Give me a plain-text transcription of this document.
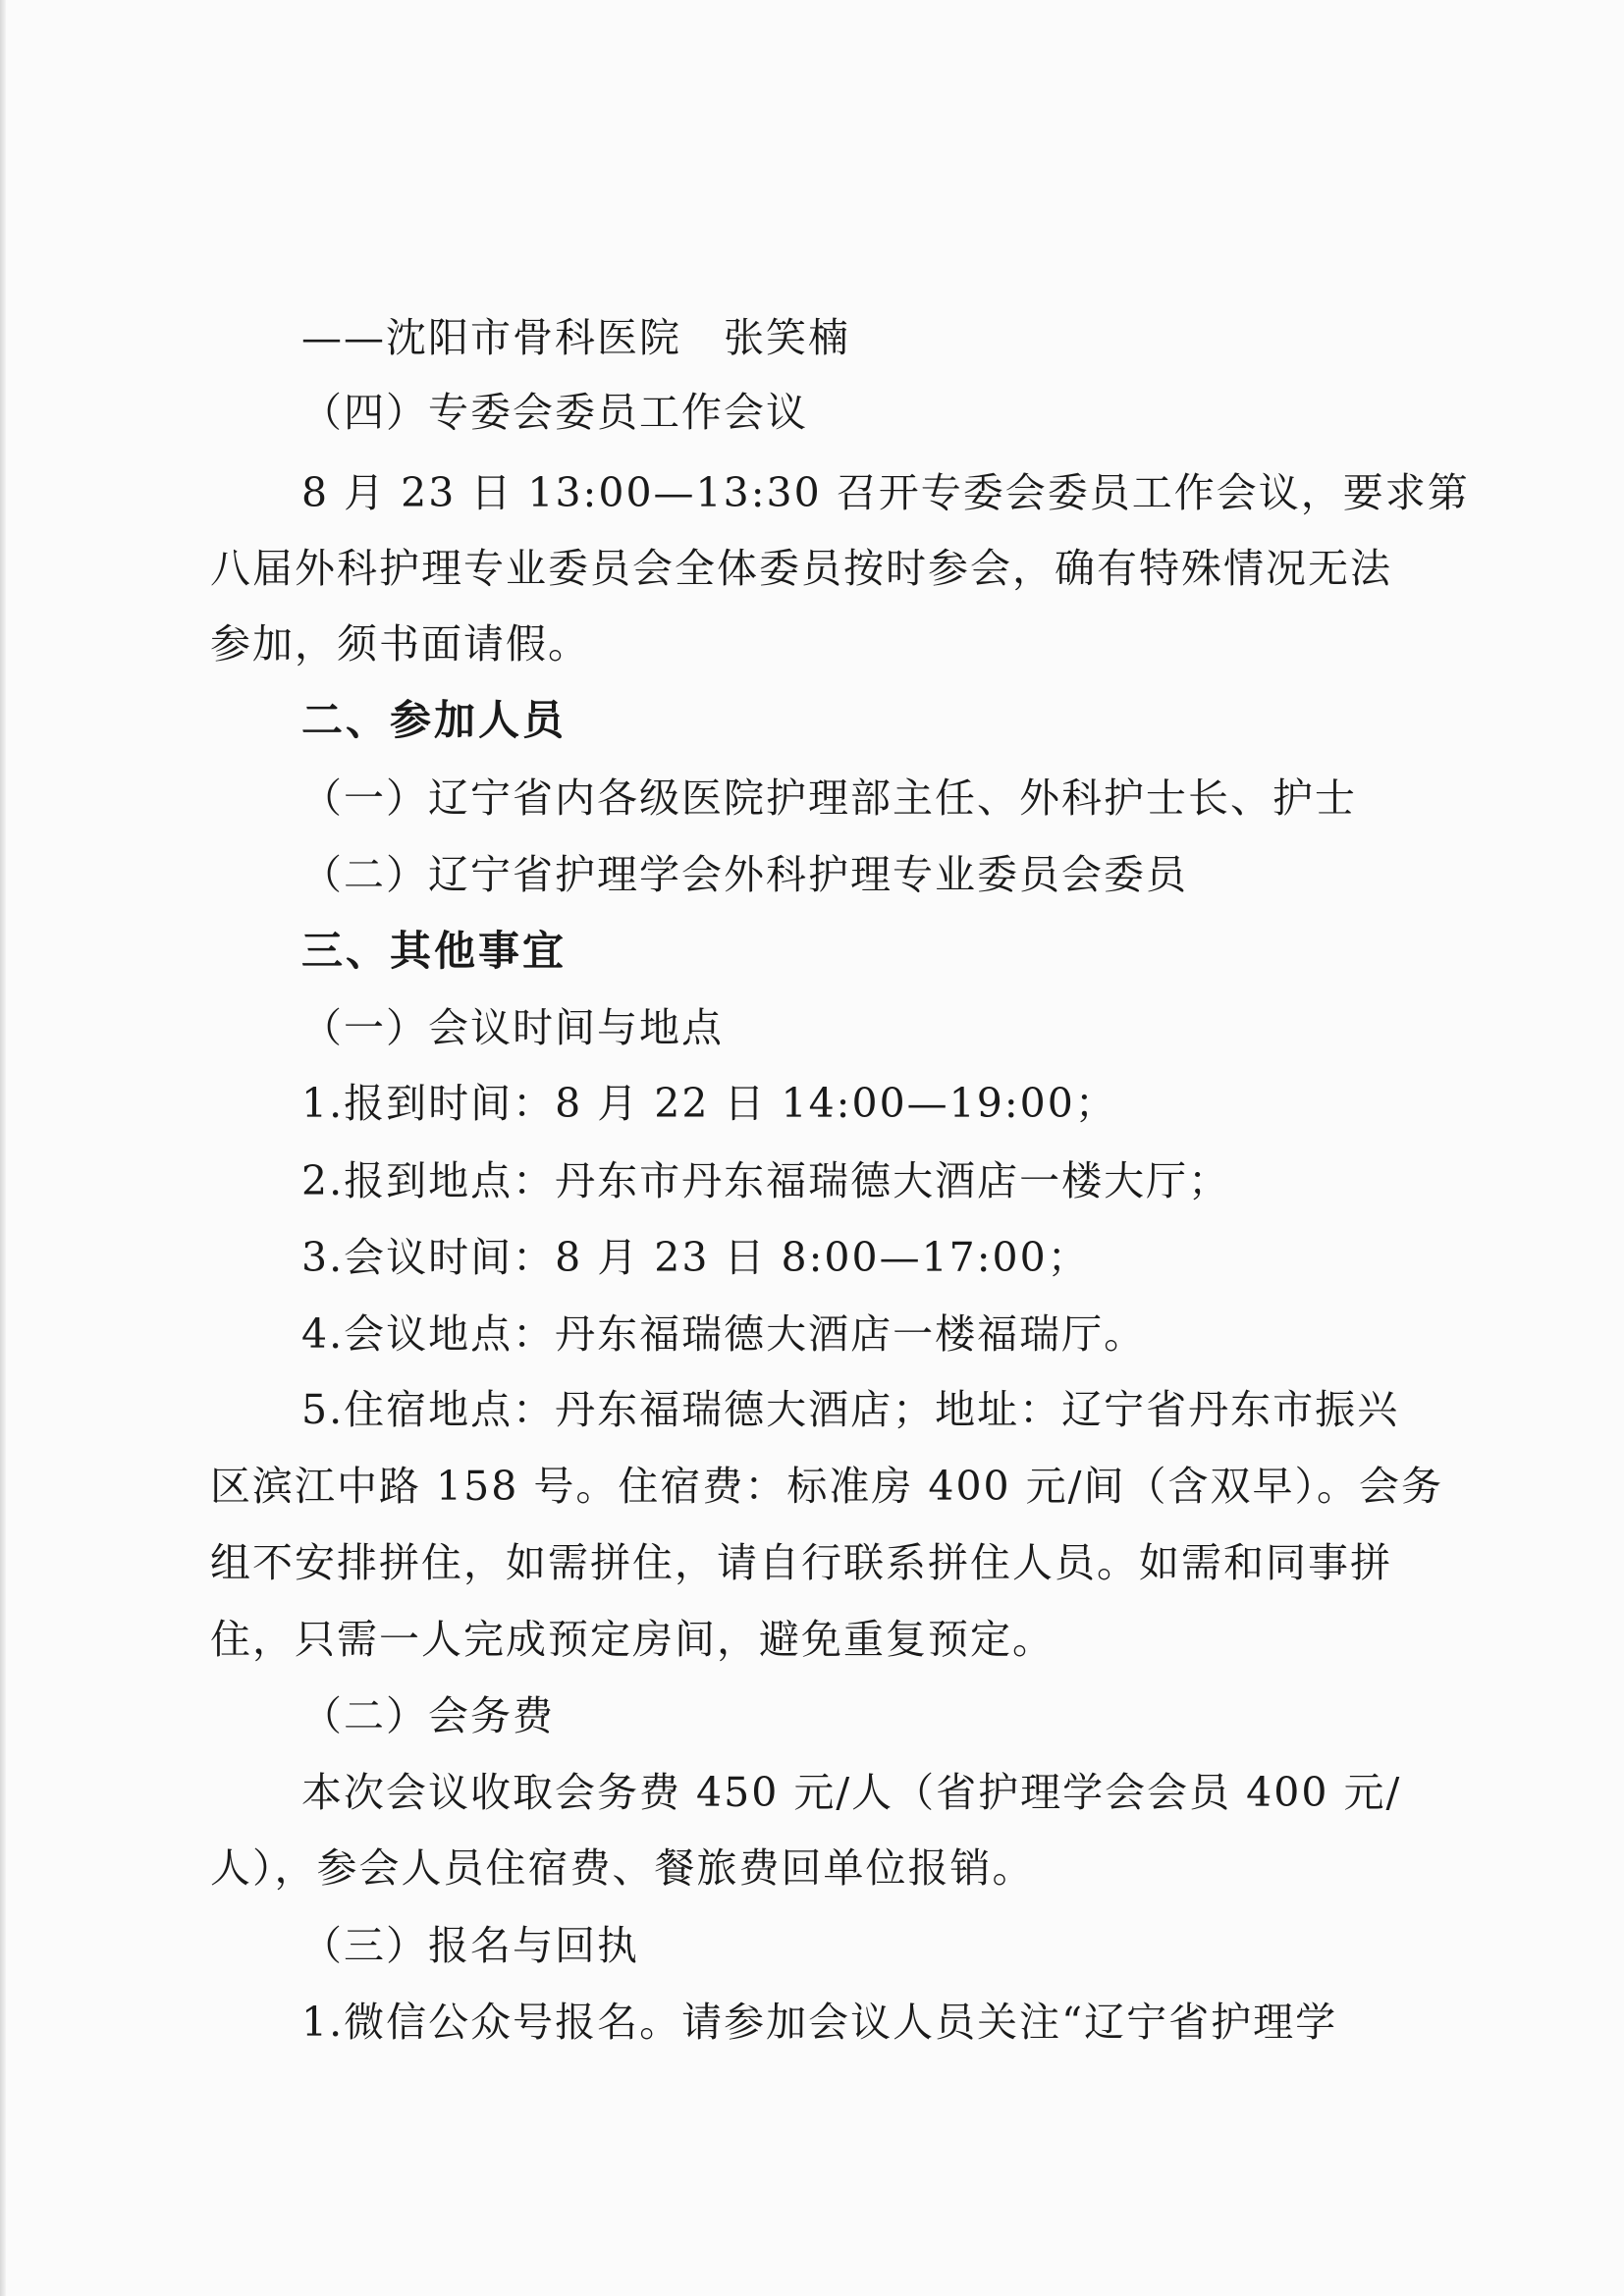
——沈阳市骨科医院　张笑楠
（四）专委会委员工作会议
8 月 23 日 13:00—13:30 召开专委会委员工作会议，要求第
八届外科护理专业委员会全体委员按时参会，确有特殊情况无法
参加，须书面请假。
二、参加人员
（一）辽宁省内各级医院护理部主任、外科护士长、护士
（二）辽宁省护理学会外科护理专业委员会委员
三、其他事宜
（一）会议时间与地点
1.报到时间：8 月 22 日 14:00—19:00；
2.报到地点：丹东市丹东福瑞德大酒店一楼大厅；
3.会议时间：8 月 23 日 8:00—17:00；
4.会议地点：丹东福瑞德大酒店一楼福瑞厅。
5.住宿地点：丹东福瑞德大酒店；地址：辽宁省丹东市振兴
区滨江中路 158 号。住宿费：标准房 400 元/间（含双早）。会务
组不安排拼住，如需拼住，请自行联系拼住人员。如需和同事拼
住，只需一人完成预定房间，避免重复预定。
（二）会务费
本次会议收取会务费 450 元/人（省护理学会会员 400 元/
人），参会人员住宿费、餐旅费回单位报销。
（三）报名与回执
1.微信公众号报名。请参加会议人员关注“辽宁省护理学
